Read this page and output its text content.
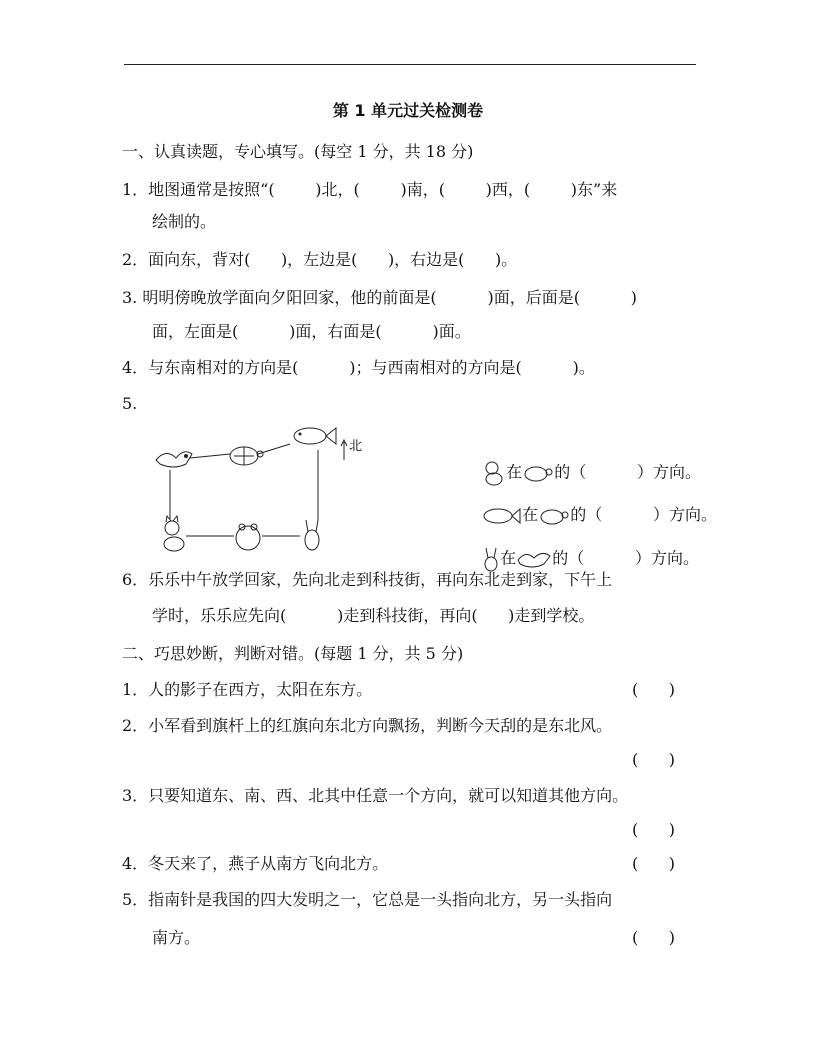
第 1 单元过关检测卷
一、认真读题，专心填写。(每空 1 分，共 18 分)
1．地图通常是按照“(        )北，(        )南，(        )西，(        )东”来
绘制的。
2．面向东，背对(      )，左边是(      )，右边是(      )。
3. 明明傍晚放学面向夕阳回家，他的前面是(          )面，后面是(          )
面，左面是(          )面，右面是(          )面。
4．与东南相对的方向是(          )；与西南相对的方向是(          )。
5.
北

在 的（          ）方向。

在 的（          ）方向。

在 的（          ）方向。

6．乐乐中午放学回家，先向北走到科技街，再向东北走到家，下午上
学时，乐乐应先向(          )走到科技街，再向(      )走到学校。
二、巧思妙断，判断对错。(每题 1 分，共 5 分)
1．人的影子在西方，太阳在东方。	(      )
2．小军看到旗杆上的红旗向东北方向飘扬，判断今天刮的是东北风。
(      )
3．只要知道东、南、西、北其中任意一个方向，就可以知道其他方向。
(      )
4．冬天来了，燕子从南方飞向北方。	(      )
5．指南针是我国的四大发明之一，它总是一头指向北方，另一头指向
南方。	(      )
